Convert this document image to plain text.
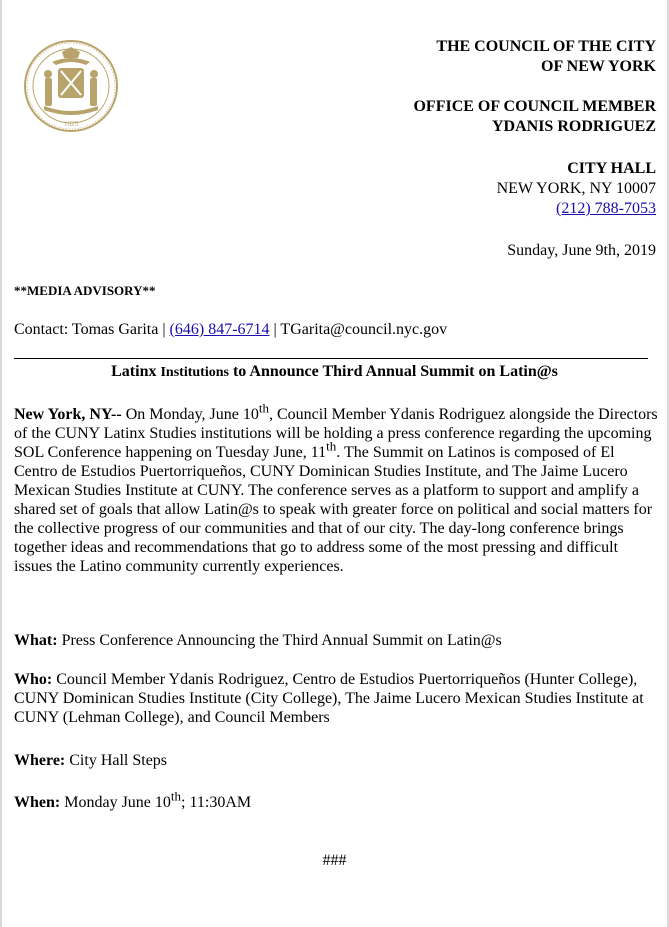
1625
THE COUNCIL OF THE CITY
OF NEW YORK
OFFICE OF COUNCIL MEMBER
YDANIS RODRIGUEZ
CITY HALL
NEW YORK, NY 10007
(212) 788-7053
Sunday, June 9th, 2019
**MEDIA ADVISORY**
Contact: Tomas Garita | (646) 847-6714 | TGarita@council.nyc.gov
Latinx Institutions to Announce Third Annual Summit on Latin@s
New York, NY-- On Monday, June 10th, Council Member Ydanis Rodriguez alongside the Directors of the CUNY Latinx Studies institutions will be holding a press conference regarding the upcoming SOL Conference happening on Tuesday June, 11th. The Summit on Latinos is composed of El Centro de Estudios Puertorriqueños, CUNY Dominican Studies Institute, and The Jaime Lucero Mexican Studies Institute at CUNY. The conference serves as a platform to support and amplify a shared set of goals that allow Latin@s to speak with greater force on political and social matters for the collective progress of our communities and that of our city. The day-long conference brings together ideas and recommendations that go to address some of the most pressing and difficult issues the Latino community currently experiences.
What: Press Conference Announcing the Third Annual Summit on Latin@s
Who: Council Member Ydanis Rodriguez, Centro de Estudios Puertorriqueños (Hunter College), CUNY Dominican Studies Institute (City College), The Jaime Lucero Mexican Studies Institute at CUNY (Lehman College), and Council Members
Where: City Hall Steps
When: Monday June 10th; 11:30AM
###
